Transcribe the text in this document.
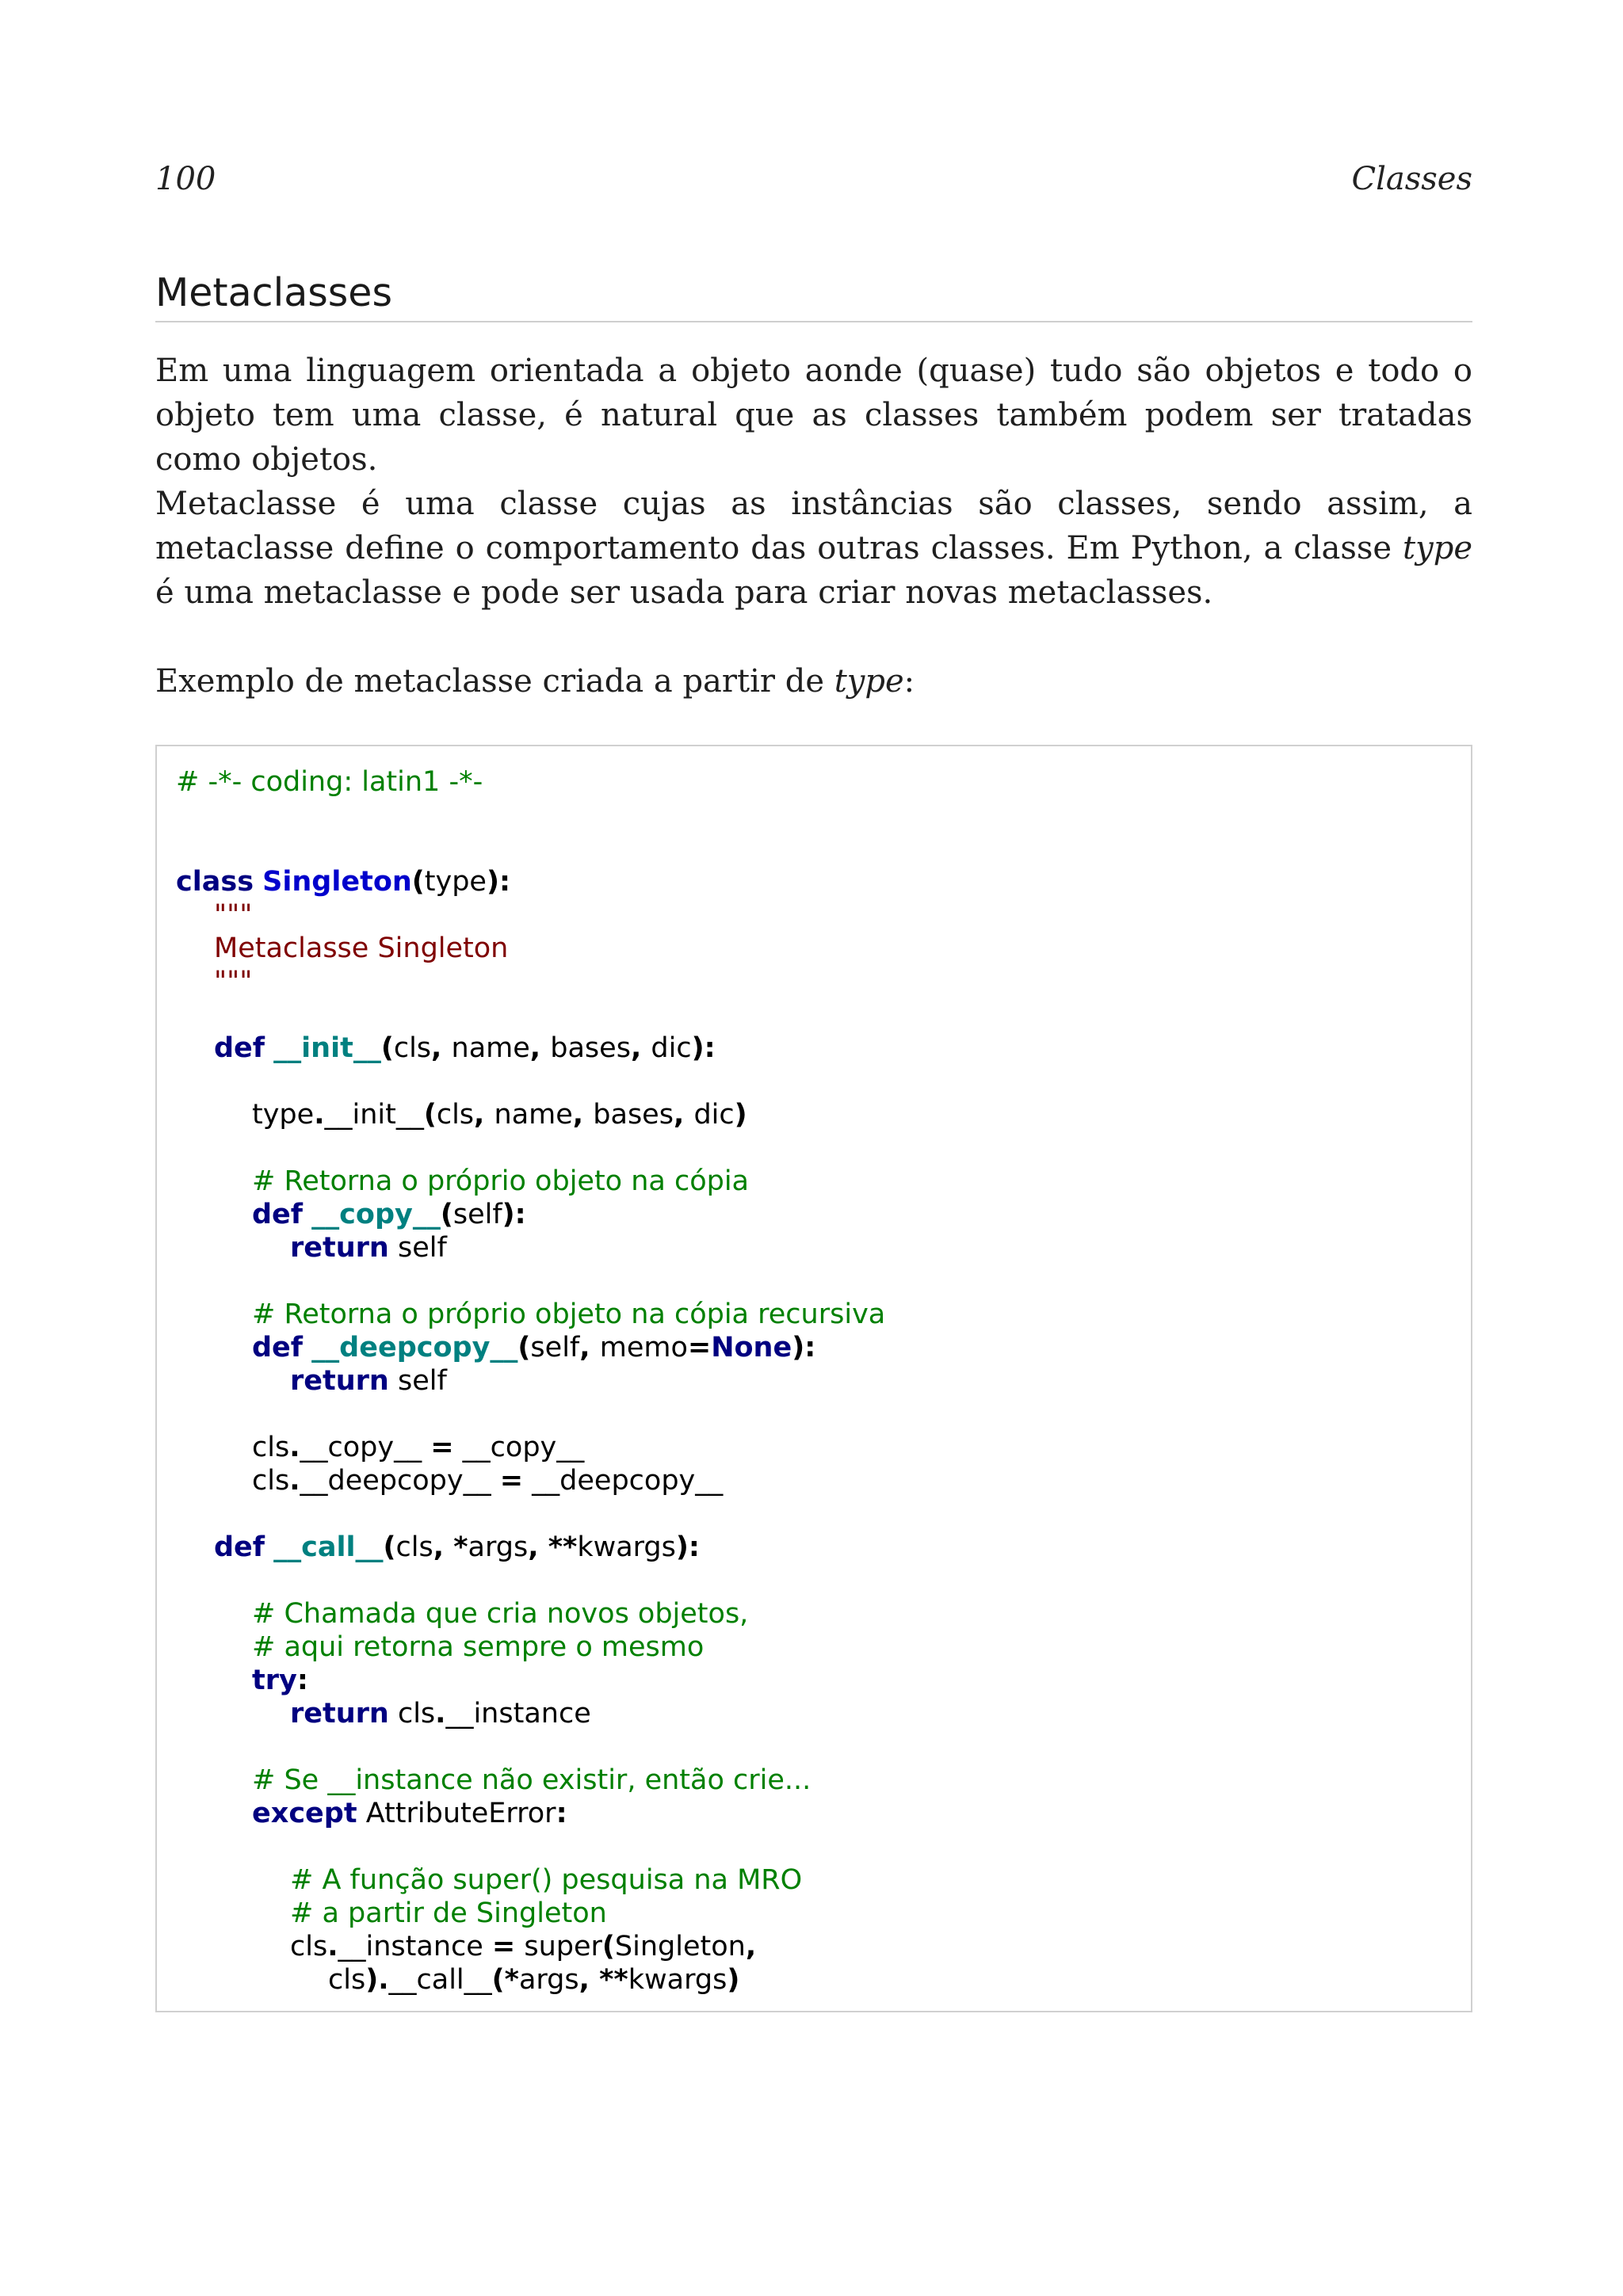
100	Classes
Metaclasses

Em uma linguagem orientada a objeto aonde (quase) tudo são objetos e todo o objeto tem uma classe, é natural que as classes também podem ser tratadas como objetos.

Metaclasse é uma classe cujas as instâncias são classes, sendo assim, a metaclasse define o comportamento das outras classes. Em Python, a classe type é uma metaclasse e pode ser usada para criar novas metaclasses.

Exemplo de metaclasse criada a partir de type:

# -*- coding: latin1 -*-
class Singleton(type):
"""
Metaclasse Singleton
"""
def __init__(cls, name, bases, dic):
type.__init__(cls, name, bases, dic)
# Retorna o próprio objeto na cópia
def __copy__(self):
return self
# Retorna o próprio objeto na cópia recursiva
def __deepcopy__(self, memo=None):
return self
cls.__copy__ = __copy__
cls.__deepcopy__ = __deepcopy__
def __call__(cls, *args, **kwargs):
# Chamada que cria novos objetos,
# aqui retorna sempre o mesmo
try:
return cls.__instance
# Se __instance não existir, então crie...
except AttributeError:
# A função super() pesquisa na MRO
# a partir de Singleton
cls.__instance = super(Singleton,
cls).__call__(*args, **kwargs)
